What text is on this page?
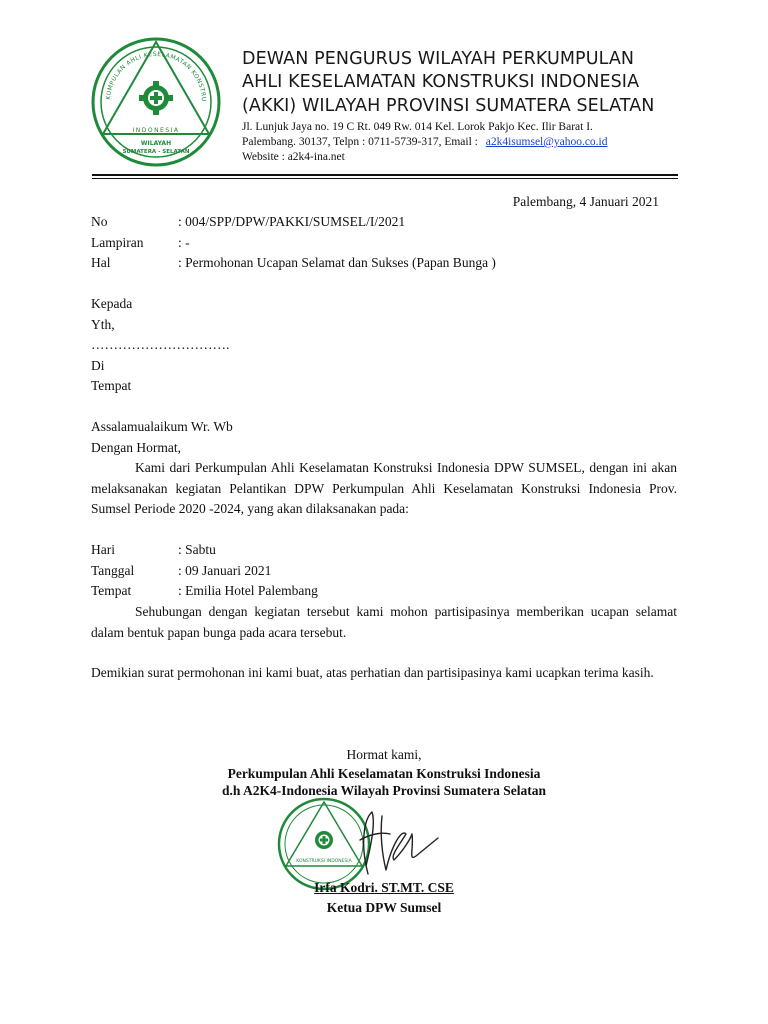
KUMPULAN AHLI KESELAMATAN KONSTRU
INDONESIA
WILAYAH
SUMATERA - SELATAN
DEWAN PENGURUS WILAYAH PERKUMPULAN
AHLI KESELAMATAN KONSTRUKSI INDONESIA
(AKKI) WILAYAH PROVINSI SUMATERA SELATAN
Jl. Lunjuk Jaya no. 19 C Rt. 049 Rw. 014 Kel. Lorok Pakjo Kec. Ilir Barat I.
Palembang. 30137, Telpn : 0711-5739-317, Email : a2k4isumsel@yahoo.co.id
Website : a2k4-ina.net
Palembang, 4 Januari 2021
No	: 004/SPP/DPW/PAKKI/SUMSEL/I/2021
Lampiran	: -
Hal	: Permohonan Ucapan Selamat dan Sukses (Papan Bunga )
Kepada
Yth,
………………………….
Di
Tempat
Assalamualaikum Wr. Wb
Dengan Hormat,
Kami dari Perkumpulan Ahli Keselamatan Konstruksi Indonesia DPW SUMSEL, dengan ini akan melaksanakan kegiatan Pelantikan DPW Perkumpulan Ahli Keselamatan Konstruksi Indonesia Prov. Sumsel Periode 2020 -2024, yang akan dilaksanakan pada:
Hari	: Sabtu
Tanggal	: 09 Januari 2021
Tempat	: Emilia Hotel Palembang
Sehubungan dengan kegiatan tersebut kami mohon partisipasinya memberikan ucapan selamat dalam bentuk papan bunga pada acara tersebut.
Demikian surat permohonan ini kami buat, atas perhatian dan partisipasinya kami ucapkan terima kasih.
Hormat kami,
Perkumpulan Ahli Keselamatan Konstruksi Indonesia
d.h A2K4-Indonesia Wilayah Provinsi Sumatera Selatan
KONSTRUKSI INDONESIA
Irfa Kodri. ST.MT. CSE
Ketua DPW Sumsel
